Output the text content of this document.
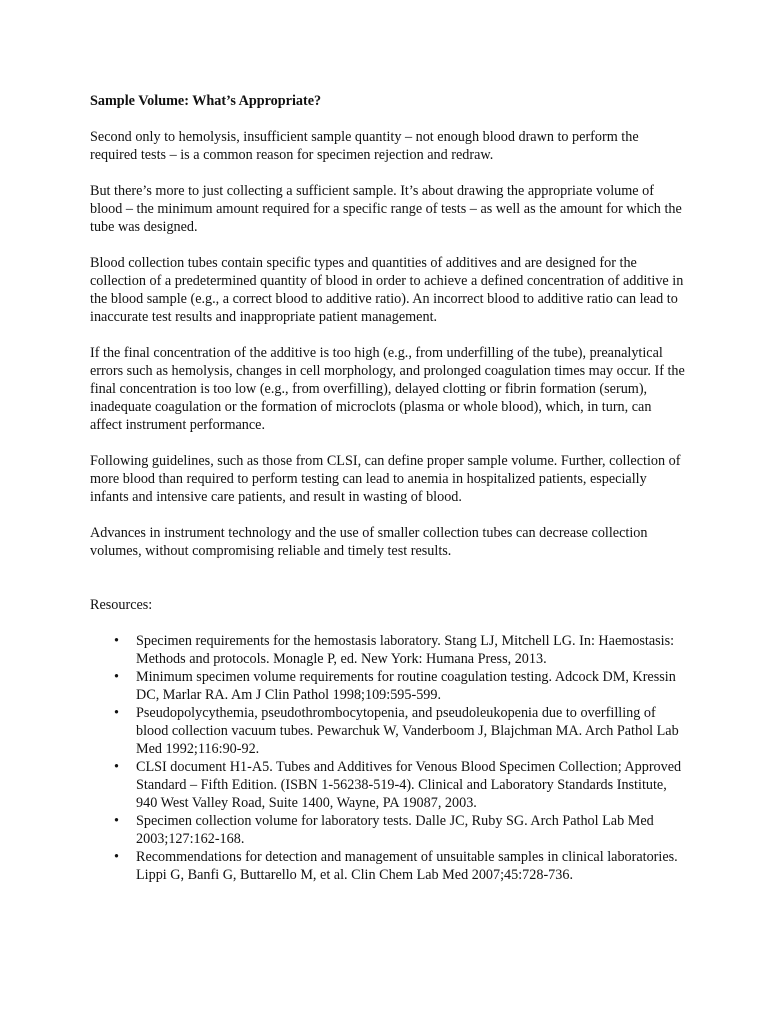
Sample Volume: What’s Appropriate?

Second only to hemolysis, insufficient sample quantity – not enough blood drawn to perform the required tests – is a common reason for specimen rejection and redraw.

But there’s more to just collecting a sufficient sample. It’s about drawing the appropriate volume of blood – the minimum amount required for a specific range of tests – as well as the amount for which the tube was designed.

Blood collection tubes contain specific types and quantities of additives and are designed for the collection of a predetermined quantity of blood in order to achieve a defined concentration of additive in the blood sample (e.g., a correct blood to additive ratio). An incorrect blood to additive ratio can lead to inaccurate test results and inappropriate patient management.

If the final concentration of the additive is too high (e.g., from underfilling of the tube), preanalytical errors such as hemolysis, changes in cell morphology, and prolonged coagulation times may occur. If the final concentration is too low (e.g., from overfilling), delayed clotting or fibrin formation (serum), inadequate coagulation or the formation of microclots (plasma or whole blood), which, in turn, can affect instrument performance.

Following guidelines, such as those from CLSI, can define proper sample volume. Further, collection of more blood than required to perform testing can lead to anemia in hospitalized patients, especially infants and intensive care patients, and result in wasting of blood.

Advances in instrument technology and the use of smaller collection tubes can decrease collection volumes, without compromising reliable and timely test results.

Resources:
• Specimen requirements for the hemostasis laboratory. Stang LJ, Mitchell LG. In: Haemostasis: Methods and protocols. Monagle P, ed. New York: Humana Press, 2013.
• Minimum specimen volume requirements for routine coagulation testing. Adcock DM, Kressin DC, Marlar RA. Am J Clin Pathol 1998;109:595-599.
• Pseudopolycythemia, pseudothrombocytopenia, and pseudoleukopenia due to overfilling of blood collection vacuum tubes. Pewarchuk W, Vanderboom J, Blajchman MA. Arch Pathol Lab Med 1992;116:90-92.
• CLSI document H1-A5. Tubes and Additives for Venous Blood Specimen Collection; Approved Standard – Fifth Edition. (ISBN 1-56238-519-4). Clinical and Laboratory Standards Institute, 940 West Valley Road, Suite 1400, Wayne, PA 19087, 2003.
• Specimen collection volume for laboratory tests. Dalle JC, Ruby SG. Arch Pathol Lab Med 2003;127:162-168.
• Recommendations for detection and management of unsuitable samples in clinical laboratories. Lippi G, Banfi G, Buttarello M, et al. Clin Chem Lab Med 2007;45:728-736.
